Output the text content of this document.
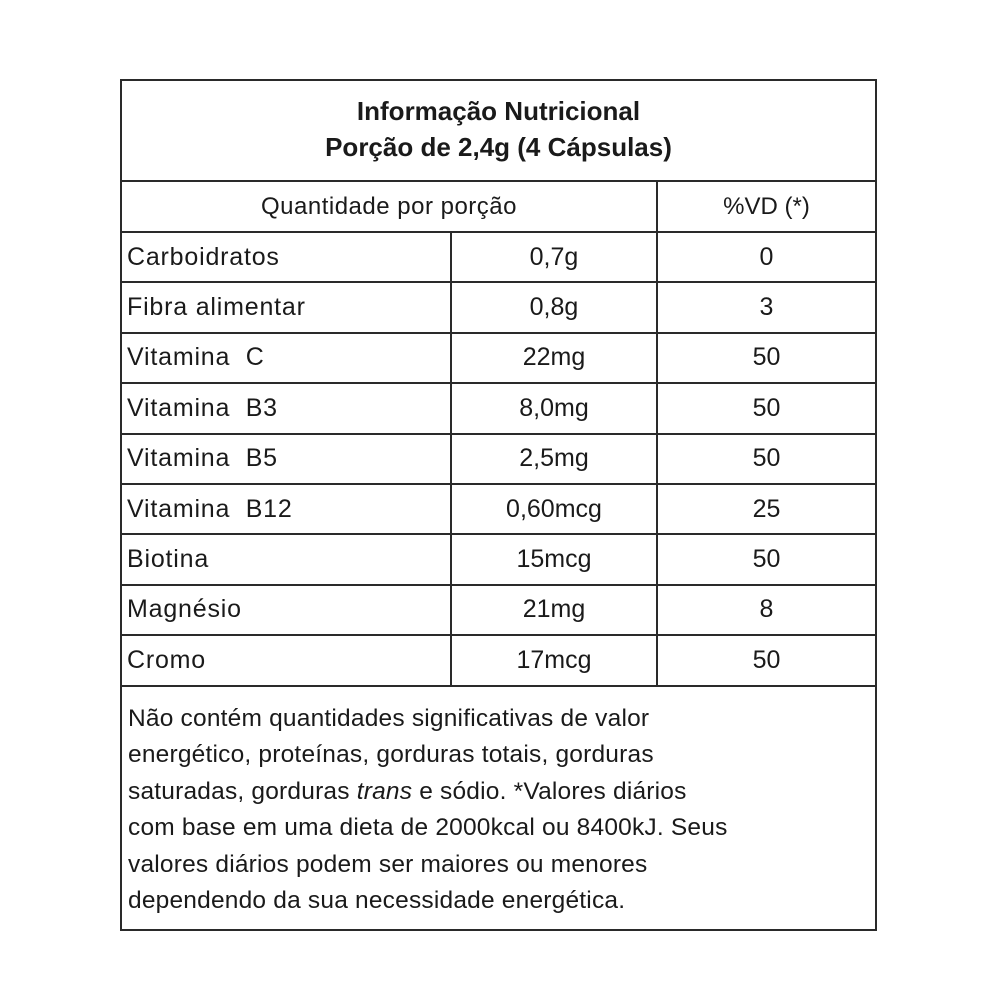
Informação Nutricional
Porção de 2,4g (4 Cápsulas)
Quantidade por porção	%VD (*)
Carboidratos	0,7g	0
Fibra alimentar	0,8g	3
Vitamina  C	22mg	50
Vitamina  B3	8,0mg	50
Vitamina  B5	2,5mg	50
Vitamina  B12	0,60mcg	25
Biotina	15mcg	50
Magnésio	21mg	8
Cromo	17mcg	50
Não contém quantidades significativas de valor
energético, proteínas, gorduras totais, gorduras
saturadas, gorduras trans e sódio. *Valores diários
com base em uma dieta de 2000kcal ou 8400kJ. Seus
valores diários podem ser maiores ou menores
dependendo da sua necessidade energética.
